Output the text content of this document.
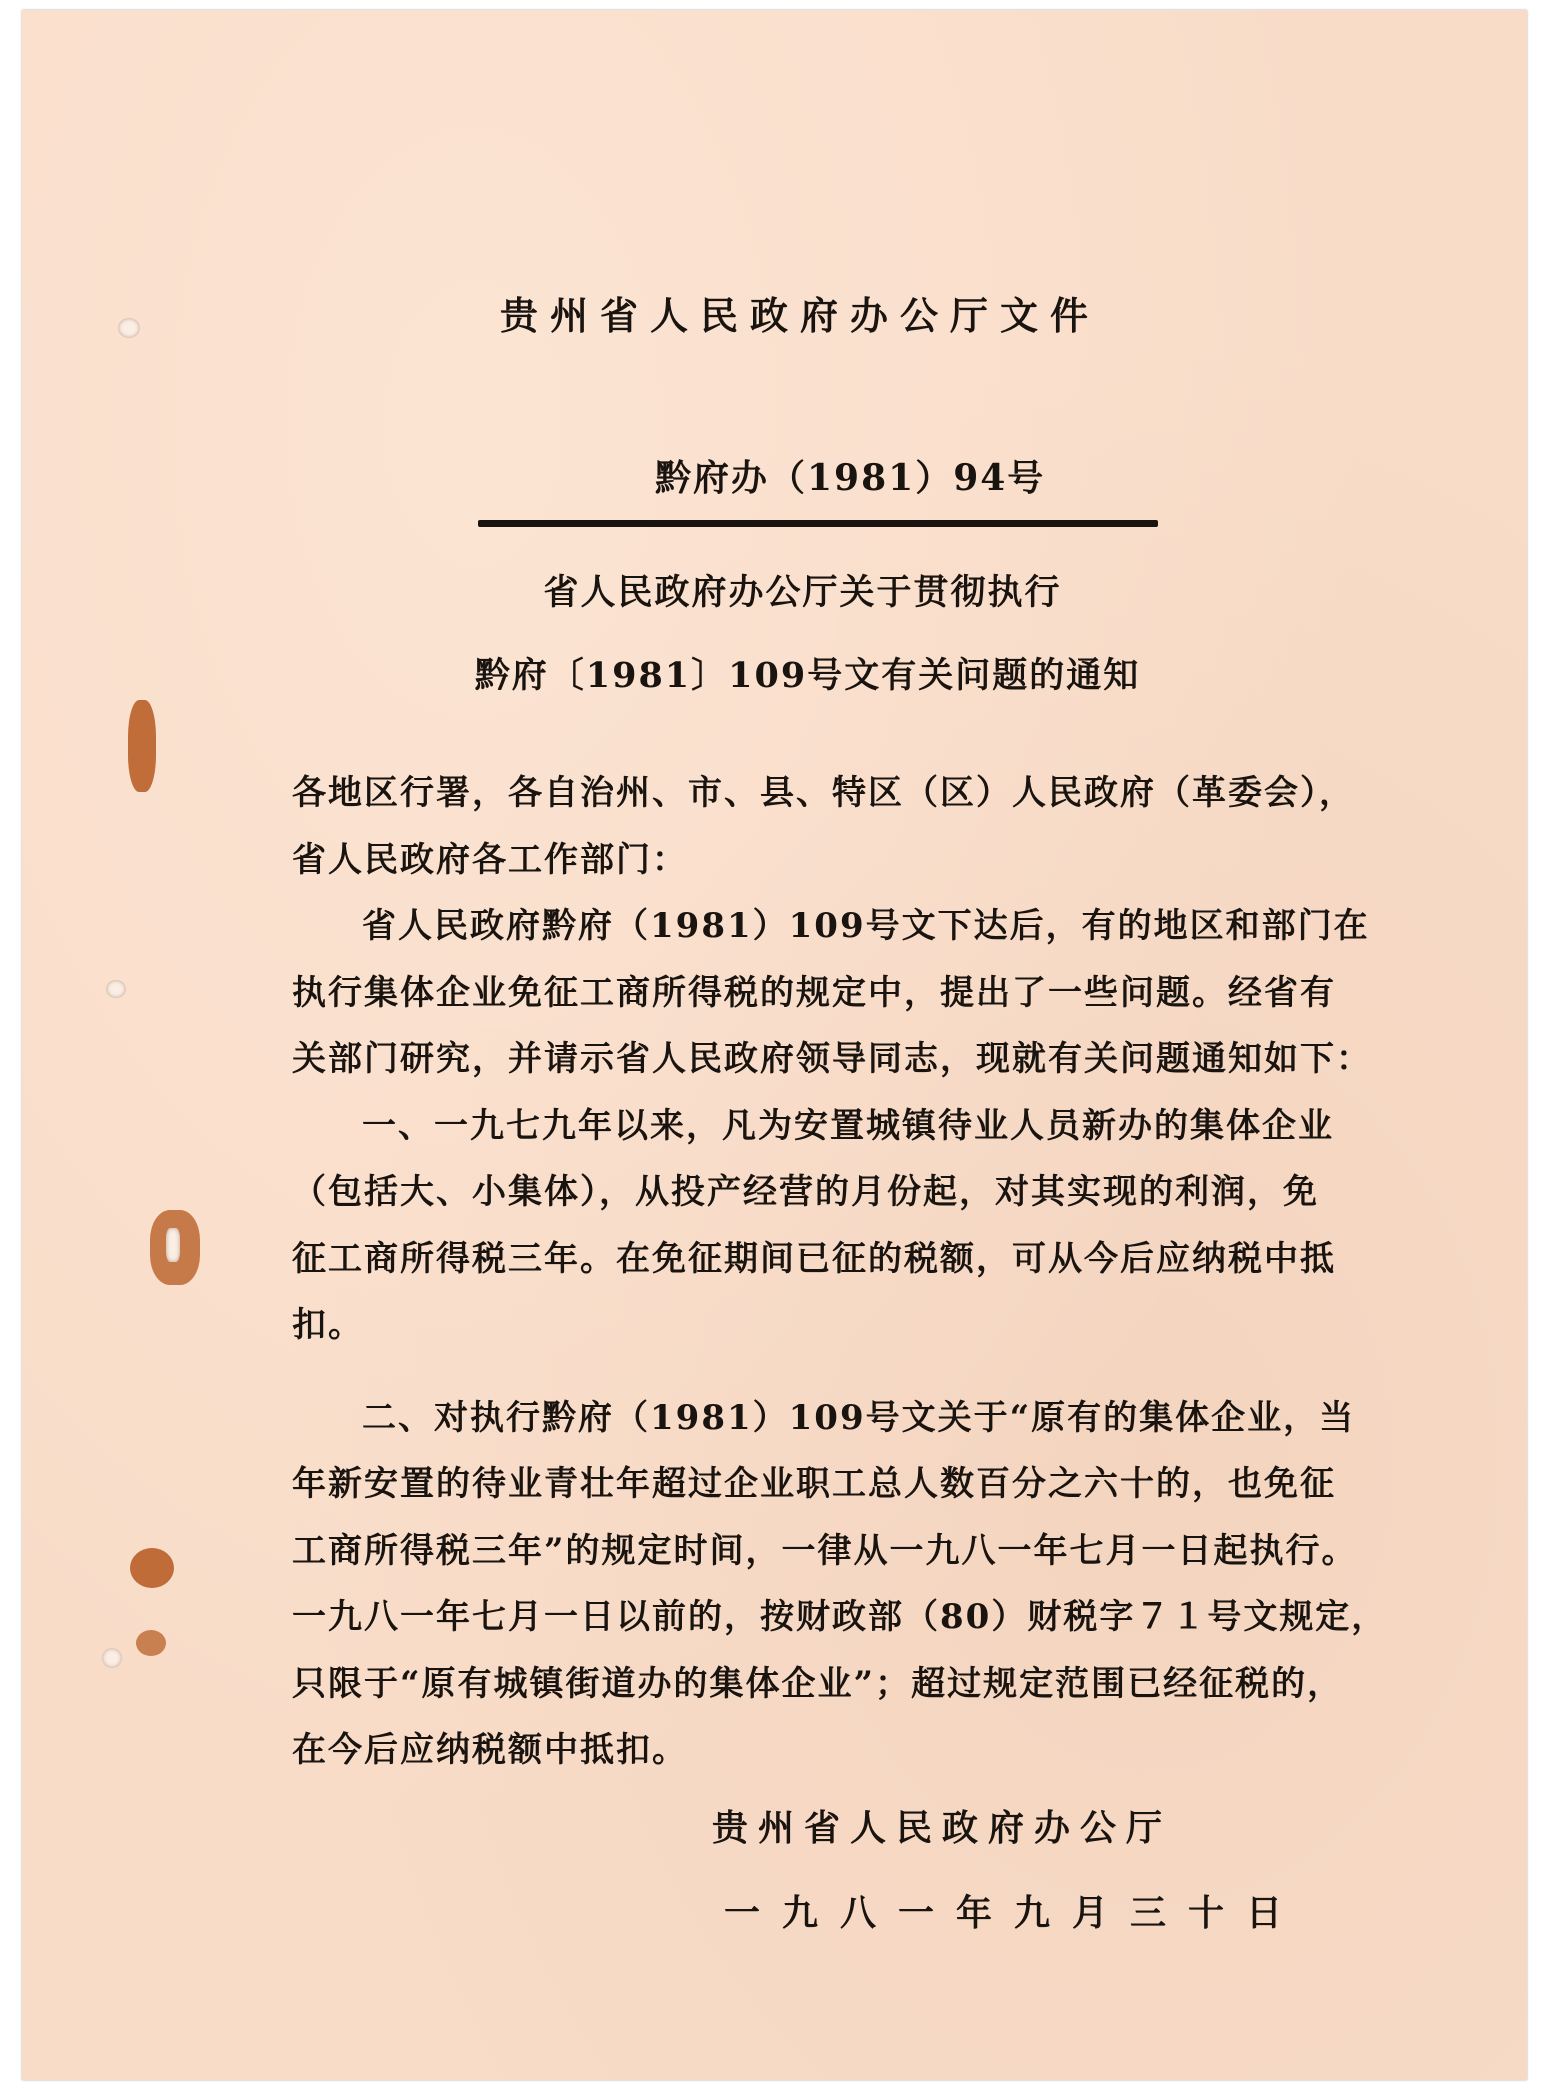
贵州省人民政府办公厅文件
黔府办（1981）94号
省人民政府办公厅关于贯彻执行
黔府〔1981〕109号文有关问题的通知

各地区行署，各自治州、市、县、特区（区）人民政府（革委会），

省人民政府各工作部门：

省人民政府黔府（1981）109号文下达后，有的地区和部门在

执行集体企业免征工商所得税的规定中，提出了一些问题。经省有

关部门研究，并请示省人民政府领导同志，现就有关问题通知如下：

一、一九七九年以来，凡为安置城镇待业人员新办的集体企业

（包括大、小集体），从投产经营的月份起，对其实现的利润，免

征工商所得税三年。在免征期间已征的税额，可从今后应纳税中抵

扣。

二、对执行黔府（1981）109号文关于“原有的集体企业，当

年新安置的待业青壮年超过企业职工总人数百分之六十的，也免征

工商所得税三年”的规定时间，一律从一九八一年七月一日起执行。

一九八一年七月一日以前的，按财政部（80）财税字７１号文规定，

只限于“原有城镇街道办的集体企业”；超过规定范围已经征税的，

在今后应纳税额中抵扣。

贵州省人民政府办公厅
一九八一年九月三十日
